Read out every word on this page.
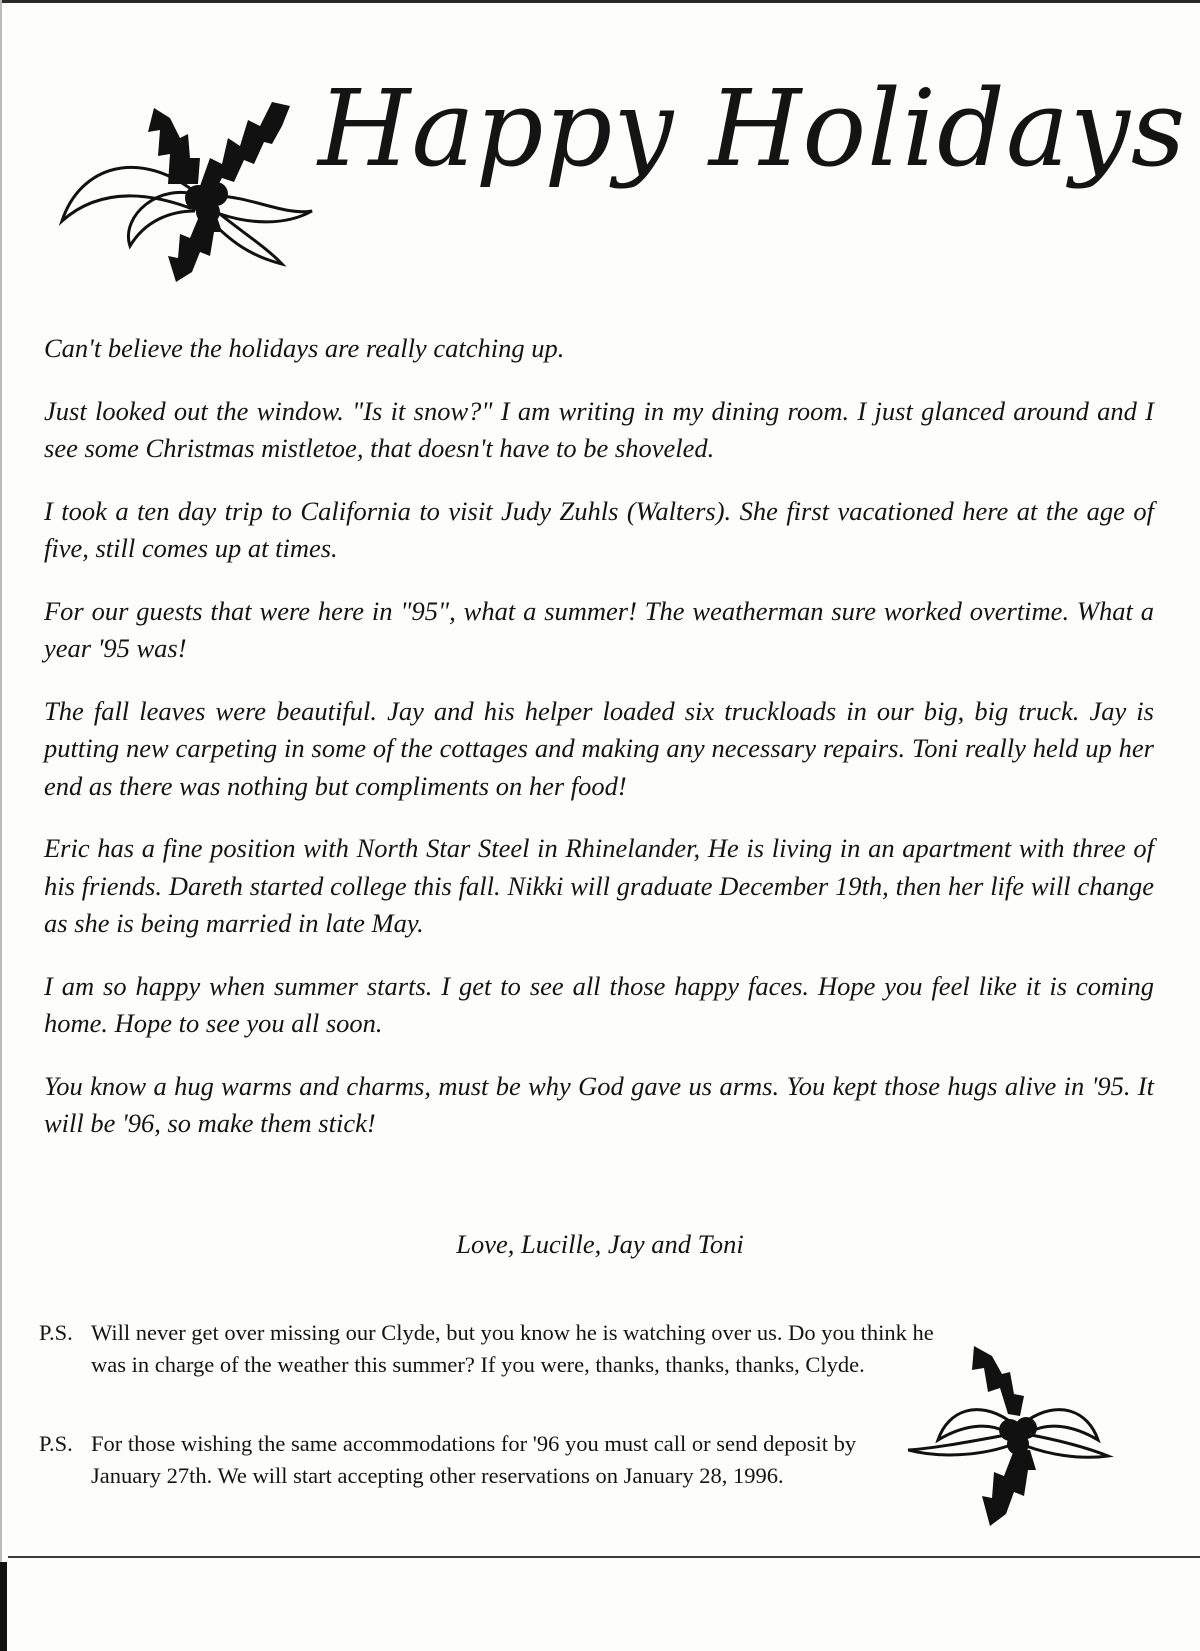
Happy Holidays

Can't believe the holidays are really catching up.

Just looked out the window. "Is it snow?" I am writing in my dining room. I just glanced around and I see some Christmas mistletoe, that doesn't have to be shoveled.

I took a ten day trip to California to visit Judy Zuhls (Walters). She first vacationed here at the age of five, still comes up at times.

For our guests that were here in "95", what a summer! The weatherman sure worked overtime. What a year '95 was!

The fall leaves were beautiful. Jay and his helper loaded six truckloads in our big, big truck. Jay is putting new carpeting in some of the cottages and making any necessary repairs. Toni really held up her end as there was nothing but compliments on her food!

Eric has a fine position with North Star Steel in Rhinelander, He is living in an apartment with three of his friends. Dareth started college this fall. Nikki will graduate December 19th, then her life will change as she is being married in late May.

I am so happy when summer starts. I get to see all those happy faces. Hope you feel like it is coming home. Hope to see you all soon.

You know a hug warms and charms, must be why God gave us arms. You kept those hugs alive in '95. It will be '96, so make them stick!

Love, Lucille, Jay and Toni
P.S. Will never get over missing our Clyde, but you know he is watching over us. Do you think he was in charge of the weather this summer? If you were, thanks, thanks, thanks, Clyde.
P.S. For those wishing the same accommodations for '96 you must call or send deposit by January 27th. We will start accepting other reservations on January 28, 1996.
